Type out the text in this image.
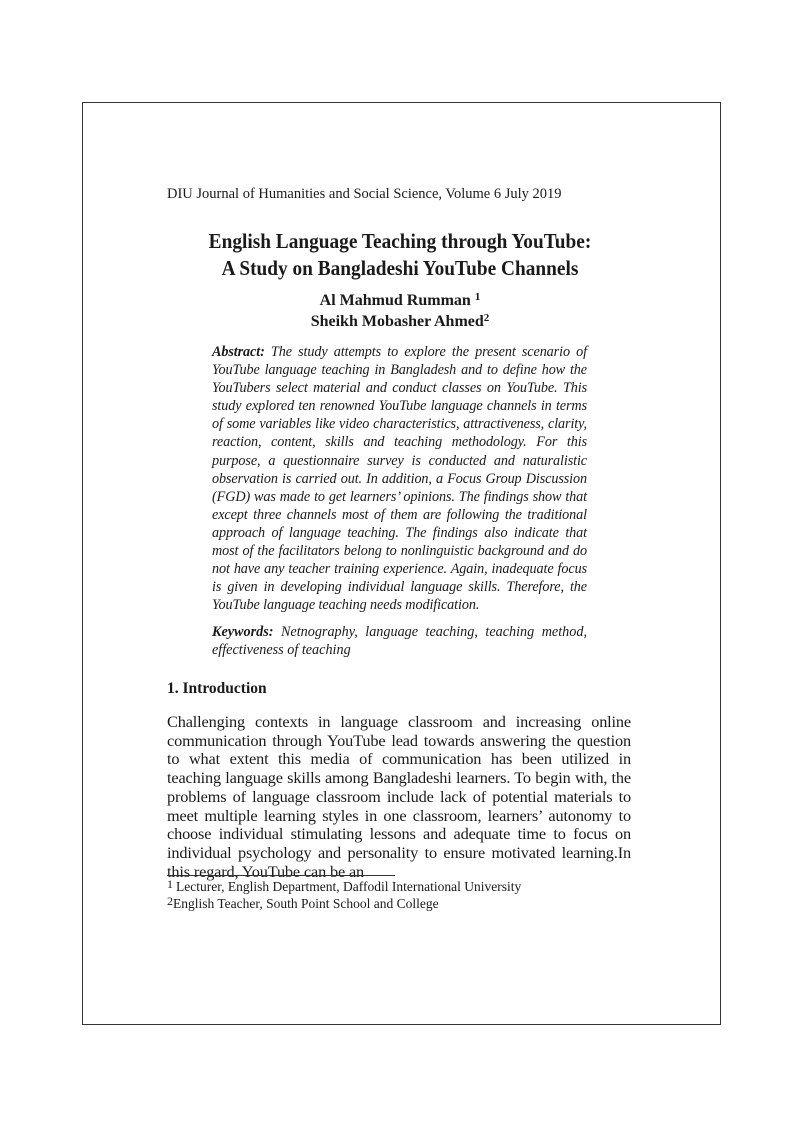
DIU Journal of Humanities and Social Science, Volume 6 July 2019
English Language Teaching through YouTube:
A Study on Bangladeshi YouTube Channels
Al Mahmud Rumman $^1$
Sheikh Mobasher Ahmed$^2$
Abstract: The study attempts to explore the present scenario of YouTube language teaching in Bangladesh and to define how the YouTubers select material and conduct classes on YouTube. This study explored ten renowned YouTube language channels in terms of some variables like video characteristics, attractiveness, clarity, reaction, content, skills and teaching methodology. For this purpose, a questionnaire survey is conducted and naturalistic observation is carried out. In addition, a Focus Group Discussion (FGD) was made to get learners’ opinions. The findings show that except three channels most of them are following the traditional approach of language teaching. The findings also indicate that most of the facilitators belong to nonlinguistic background and do not have any teacher training experience. Again, inadequate focus is given in developing individual language skills. Therefore, the YouTube language teaching needs modification.
Keywords: Netnography, language teaching, teaching method, effectiveness of teaching
1. Introduction
Challenging contexts in language classroom and increasing online communication through YouTube lead towards answering the question to what extent this media of communication has been utilized in teaching language skills among Bangladeshi learners. To begin with, the problems of language classroom include lack of potential materials to meet multiple learning styles in one classroom, learners’ autonomy to choose individual stimulating lessons and adequate time to focus on individual psychology and personality to ensure motivated learning.In this regard, YouTube can be an
1 Lecturer, English Department, Daffodil International University
2English Teacher, South Point School and College
